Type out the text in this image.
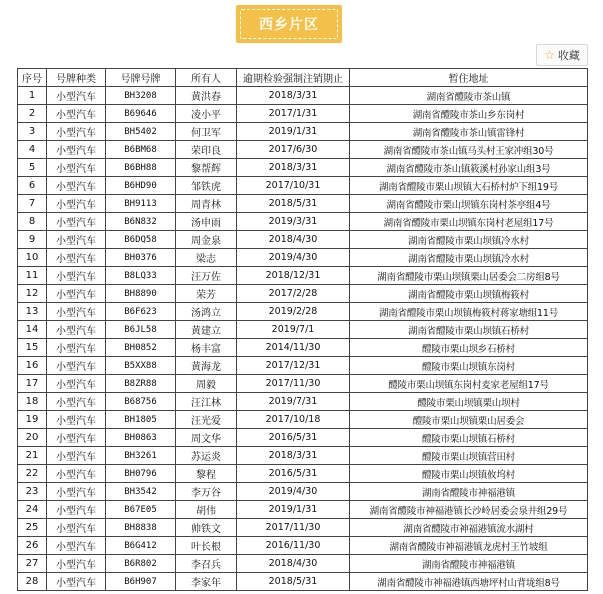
西乡片区
☆ 收藏
序号	号牌种类	号牌号牌	所有人	逾期检验强制注销期止	暂住地址
1	小型汽车	BH3208	黄洪春	2018/3/31	湖南省醴陵市茶山镇
2	小型汽车	B69646	凌小平	2017/1/31	湖南省醴陵市茶山乡东岗村
3	小型汽车	BH5402	何卫军	2019/1/31	湖南省醴陵市茶山镇雷锋村
4	小型汽车	B6BM68	荣印良	2017/6/30	湖南省醴陵市茶山镇马头村王家冲组30号
5	小型汽车	B6BH88	黎帮辉	2018/3/31	湖南省醴陵市茶山镇筱溪村孙家山组3号
6	小型汽车	B6HD90	邹铁虎	2017/10/31	湖南省醴陵市栗山坝镇大石桥村炉下组19号
7	小型汽车	BH9113	周青林	2018/5/31	湖南省醴陵市栗山坝镇东岗村茶亭组4号
8	小型汽车	B6N832	汤申雨	2019/3/31	湖南省醴陵市栗山坝镇东岗村老屋组17号
9	小型汽车	B6DQ58	周金泉	2018/4/30	湖南省醴陵市栗山坝镇冷水村
10	小型汽车	BH0376	梁志	2019/4/30	湖南省醴陵市栗山坝镇冷水村
11	小型汽车	B8LQ33	汪万佐	2018/12/31	湖南省醴陵市栗山坝镇栗山居委会二房组8号
12	小型汽车	BH8890	荣芳	2017/2/28	湖南省醴陵市栗山坝镇梅筱村
13	小型汽车	B6F623	汤鸿立	2019/2/28	湖南省醴陵市栗山坝镇梅筱村蒋家塘组11号
14	小型汽车	B6JL58	黄建立	2019/7/1	湖南省醴陵市栗山坝镇石桥村
15	小型汽车	BH0852	杨丰富	2014/11/30	醴陵市栗山坝乡石桥村
16	小型汽车	B5XX88	黄海龙	2017/12/31	醴陵市栗山坝镇东岗村
17	小型汽车	B8ZR88	周毅	2017/11/30	醴陵市栗山坝镇东岗村麦家老屋组17号
18	小型汽车	B68756	汪江林	2019/7/31	醴陵市栗山坝镇栗山坝村
19	小型汽车	BH1805	汪光爱	2017/10/18	醴陵市栗山坝镇栗山居委会
20	小型汽车	BH0863	周文华	2016/5/31	醴陵市栗山坝镇石桥村
21	小型汽车	BH3261	苏运炎	2018/3/31	醴陵市栗山坝镇营田村
22	小型汽车	BH0796	黎程	2016/5/31	醴陵市栗山坝镇攸坞村
23	小型汽车	BH3542	李万谷	2019/4/30	湖南省醴陵市神福港镇
24	小型汽车	B67E05	胡伟	2019/1/31	湖南省醴陵市神福港镇长沙岭居委会泉井组29号
25	小型汽车	BH8838	帅铁文	2017/11/30	湖南省醴陵市神福港镇流水湖村
26	小型汽车	B6G412	叶长根	2016/11/30	湖南省醴陵市神福港镇龙虎村王竹坡组
27	小型汽车	B6R802	李召兵	2018/4/30	湖南省醴陵市神福港镇
28	小型汽车	B6H907	李家年	2018/5/31	湖南省醴陵市神福港镇西塘坪村山背垅组8号
